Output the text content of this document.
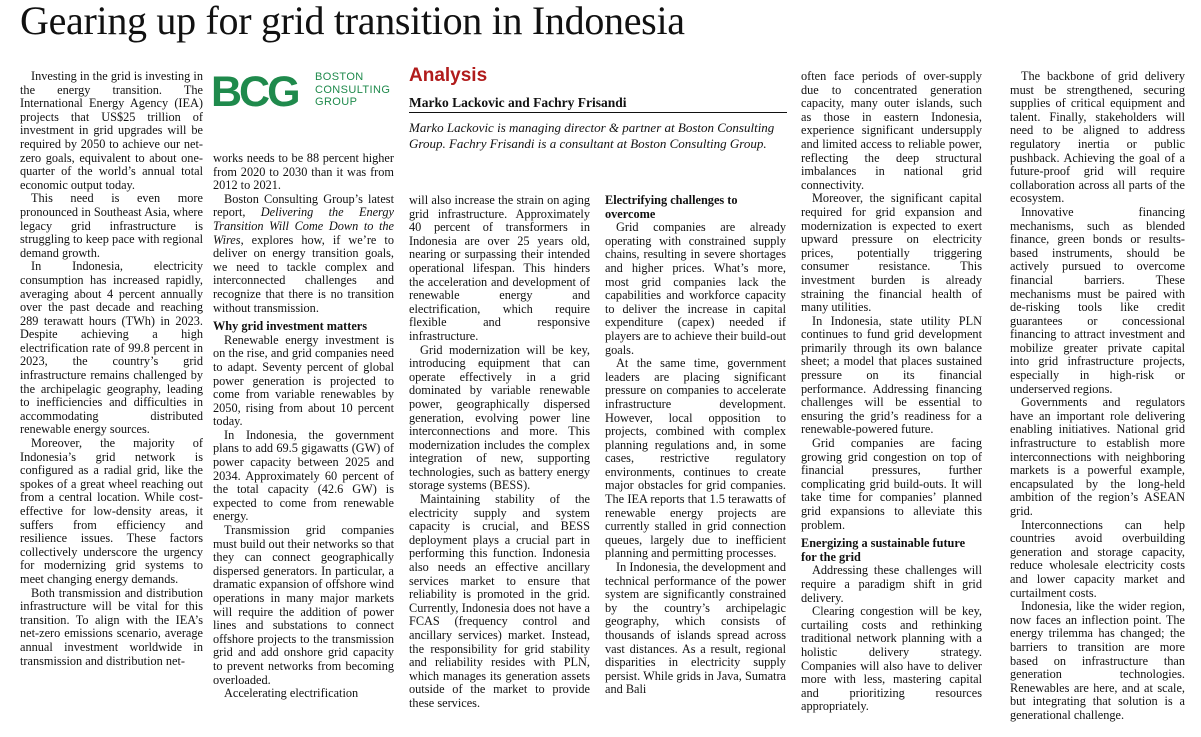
Gearing up for grid transition in Indonesia

Investing in the grid is investing in the energy transition. The International Energy Agency (IEA) projects that US$25 trillion of investment in grid upgrades will be required by 2050 to achieve our net-zero goals, equivalent to about one-quarter of the world’s annual total economic output today.

This need is even more pronounced in Southeast Asia, where legacy grid infrastructure is struggling to keep pace with regional demand growth.

In Indonesia, electricity consumption has increased rapidly, averaging about 4 percent annually over the past decade and reaching 289 terawatt hours (TWh) in 2023. Despite achieving a high electrification rate of 99.8 percent in 2023, the country’s grid infrastructure remains challenged by the archipelagic geography, leading to inefficiencies and difficulties in accommodating distributed renewable energy sources.

Moreover, the majority of Indonesia’s grid network is configured as a radial grid, like the spokes of a great wheel reaching out from a central location. While cost-effective for low-density areas, it suffers from efficiency and resilience issues. These factors collectively underscore the urgency for modernizing grid systems to meet changing energy demands.

Both transmission and distribution infrastructure will be vital for this transition. To align with the IEA’s net-zero emissions scenario, average annual investment worldwide in transmission and distribution net-

BCG BOSTON
CONSULTING
GROUP

works needs to be 88 percent higher from 2020 to 2030 than it was from 2012 to 2021.

Boston Consulting Group’s latest report, Delivering the Energy Transition Will Come Down to the Wires, explores how, if we’re to deliver on energy transition goals, we need to tackle complex and interconnected challenges and recognize that there is no transition without transmission.

Why grid investment matters

Renewable energy investment is on the rise, and grid companies need to adapt. Seventy percent of global power generation is projected to come from variable renewables by 2050, rising from about 10 percent today.

In Indonesia, the government plans to add 69.5 gigawatts (GW) of power capacity between 2025 and 2034. Approximately 60 percent of the total capacity (42.6 GW) is expected to come from renewable energy.

Transmission grid companies must build out their networks so that they can connect geographically dispersed generators. In particular, a dramatic expansion of offshore wind operations in many major markets will require the addition of power lines and substations to connect offshore projects to the transmission grid and add onshore grid capacity to prevent networks from becoming overloaded.

Accelerating electrification

Analysis

Marko Lackovic and Fachry Frisandi

Marko Lackovic is managing director & partner at Boston Consulting Group. Fachry Frisandi is a consultant at Boston Consulting Group.

will also increase the strain on aging grid infrastructure. Approximately 40 percent of transformers in Indonesia are over 25 years old, nearing or surpassing their intended operational lifespan. This hinders the acceleration and development of renewable energy and electrification, which require flexible and responsive infrastructure.

Grid modernization will be key, introducing equipment that can operate effectively in a grid dominated by variable renewable power, geographically dispersed generation, evolving power line interconnections and more. This modernization includes the complex integration of new, supporting technologies, such as battery energy storage systems (BESS).

Maintaining stability of the electricity supply and system capacity is crucial, and BESS deployment plays a crucial part in performing this function. Indonesia also needs an effective ancillary services market to ensure that reliability is promoted in the grid. Currently, Indonesia does not have a FCAS (frequency control and ancillary services) market. Instead, the responsibility for grid stability and reliability resides with PLN, which manages its generation assets outside of the market to provide these services.

Electrifying challenges to overcome

Grid companies are already operating with constrained supply chains, resulting in severe shortages and higher prices. What’s more, most grid companies lack the capabilities and workforce capacity to deliver the increase in capital expenditure (capex) needed if players are to achieve their build-out goals.

At the same time, government leaders are placing significant pressure on companies to accelerate infrastructure development. However, local opposition to projects, combined with complex planning regulations and, in some cases, restrictive regulatory environments, continues to create major obstacles for grid companies. The IEA reports that 1.5 terawatts of renewable energy projects are currently stalled in grid connection queues, largely due to inefficient planning and permitting processes.

In Indonesia, the development and technical performance of the power system are significantly constrained by the country’s archipelagic geography, which consists of thousands of islands spread across vast distances. As a result, regional disparities in electricity supply persist. While grids in Java, Sumatra and Bali

often face periods of over-supply due to concentrated generation capacity, many outer islands, such as those in eastern Indonesia, experience significant undersupply and limited access to reliable power, reflecting the deep structural imbalances in national grid connectivity.

Moreover, the significant capital required for grid expansion and modernization is expected to exert upward pressure on electricity prices, potentially triggering consumer resistance. This investment burden is already straining the financial health of many utilities.

In Indonesia, state utility PLN continues to fund grid development primarily through its own balance sheet; a model that places sustained pressure on its financial performance. Addressing financing challenges will be essential to ensuring the grid’s readiness for a renewable-powered future.

Grid companies are facing growing grid congestion on top of financial pressures, further complicating grid build-outs. It will take time for companies’ planned grid expansions to alleviate this problem.

Energizing a sustainable future for the grid

Addressing these challenges will require a paradigm shift in grid delivery.

Clearing congestion will be key, curtailing costs and rethinking traditional network planning with a holistic delivery strategy. Companies will also have to deliver more with less, mastering capital and prioritizing resources appropriately.

The backbone of grid delivery must be strengthened, securing supplies of critical equipment and talent. Finally, stakeholders will need to be aligned to address regulatory inertia or public pushback. Achieving the goal of a future-proof grid will require collaboration across all parts of the ecosystem.

Innovative financing mechanisms, such as blended finance, green bonds or results-based instruments, should be actively pursued to overcome financial barriers. These mechanisms must be paired with de-risking tools like credit guarantees or concessional financing to attract investment and mobilize greater private capital into grid infrastructure projects, especially in high-risk or underserved regions.

Governments and regulators have an important role delivering enabling initiatives. National grid infrastructure to establish more interconnections with neighboring markets is a powerful example, encapsulated by the long-held ambition of the region’s ASEAN grid.

Interconnections can help countries avoid overbuilding generation and storage capacity, reduce wholesale electricity costs and lower capacity market and curtailment costs.

Indonesia, like the wider region, now faces an inflection point. The energy trilemma has changed; the barriers to transition are more based on infrastructure than generation technologies. Renewables are here, and at scale, but integrating that solution is a generational challenge.
